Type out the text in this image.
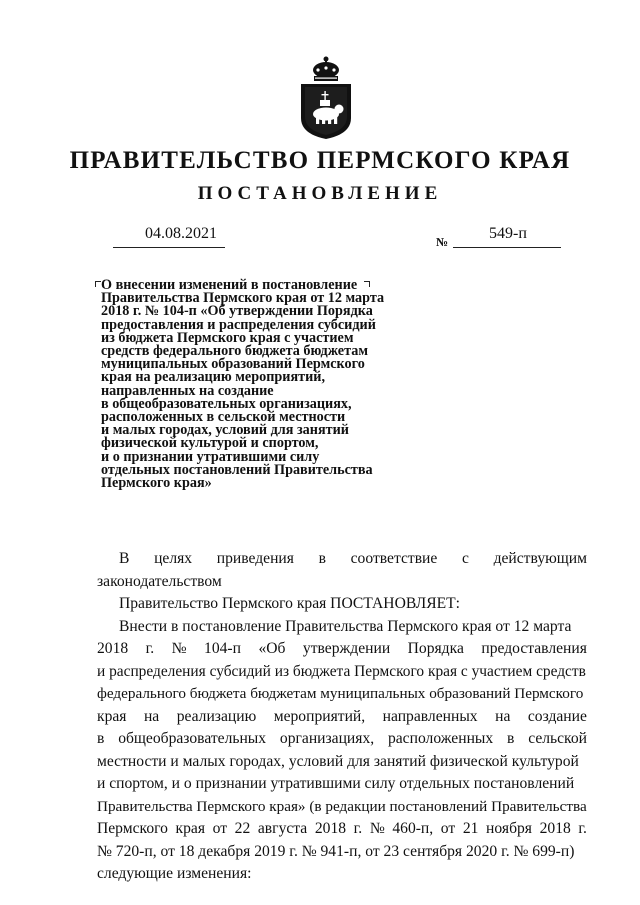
ПРАВИТЕЛЬСТВО ПЕРМСКОГО КРАЯ
ПОСТАНОВЛЕНИЕ
04.08.2021	№	549-п
О внесении изменений в постановление
Правительства Пермского края от 12 марта
2018 г. № 104-п «Об утверждении Порядка
предоставления и распределения субсидий
из бюджета Пермского края с участием
средств федерального бюджета бюджетам
муниципальных образований Пермского
края на реализацию мероприятий,
направленных на создание
в общеобразовательных организациях,
расположенных в сельской местности
и малых городах, условий для занятий
физической культурой и спортом,
и о признании утратившими силу
отдельных постановлений Правительства
Пермского края»
В целях приведения в соответствие с действующим
законодательством
Правительство Пермского края ПОСТАНОВЛЯЕТ:
Внести в постановление Правительства Пермского края от 12 марта
2018 г. № 104-п «Об утверждении Порядка предоставления
и распределения субсидий из бюджета Пермского края с участием средств
федерального бюджета бюджетам муниципальных образований Пермского
края на реализацию мероприятий, направленных на создание
в общеобразовательных организациях, расположенных в сельской
местности и малых городах, условий для занятий физической культурой
и спортом, и о признании утратившими силу отдельных постановлений
Правительства Пермского края» (в редакции постановлений Правительства
Пермского края от 22 августа 2018 г. № 460-п, от 21 ноября 2018 г.
№ 720-п, от 18 декабря 2019 г. № 941-п, от 23 сентября 2020 г. № 699-п)
следующие изменения:
